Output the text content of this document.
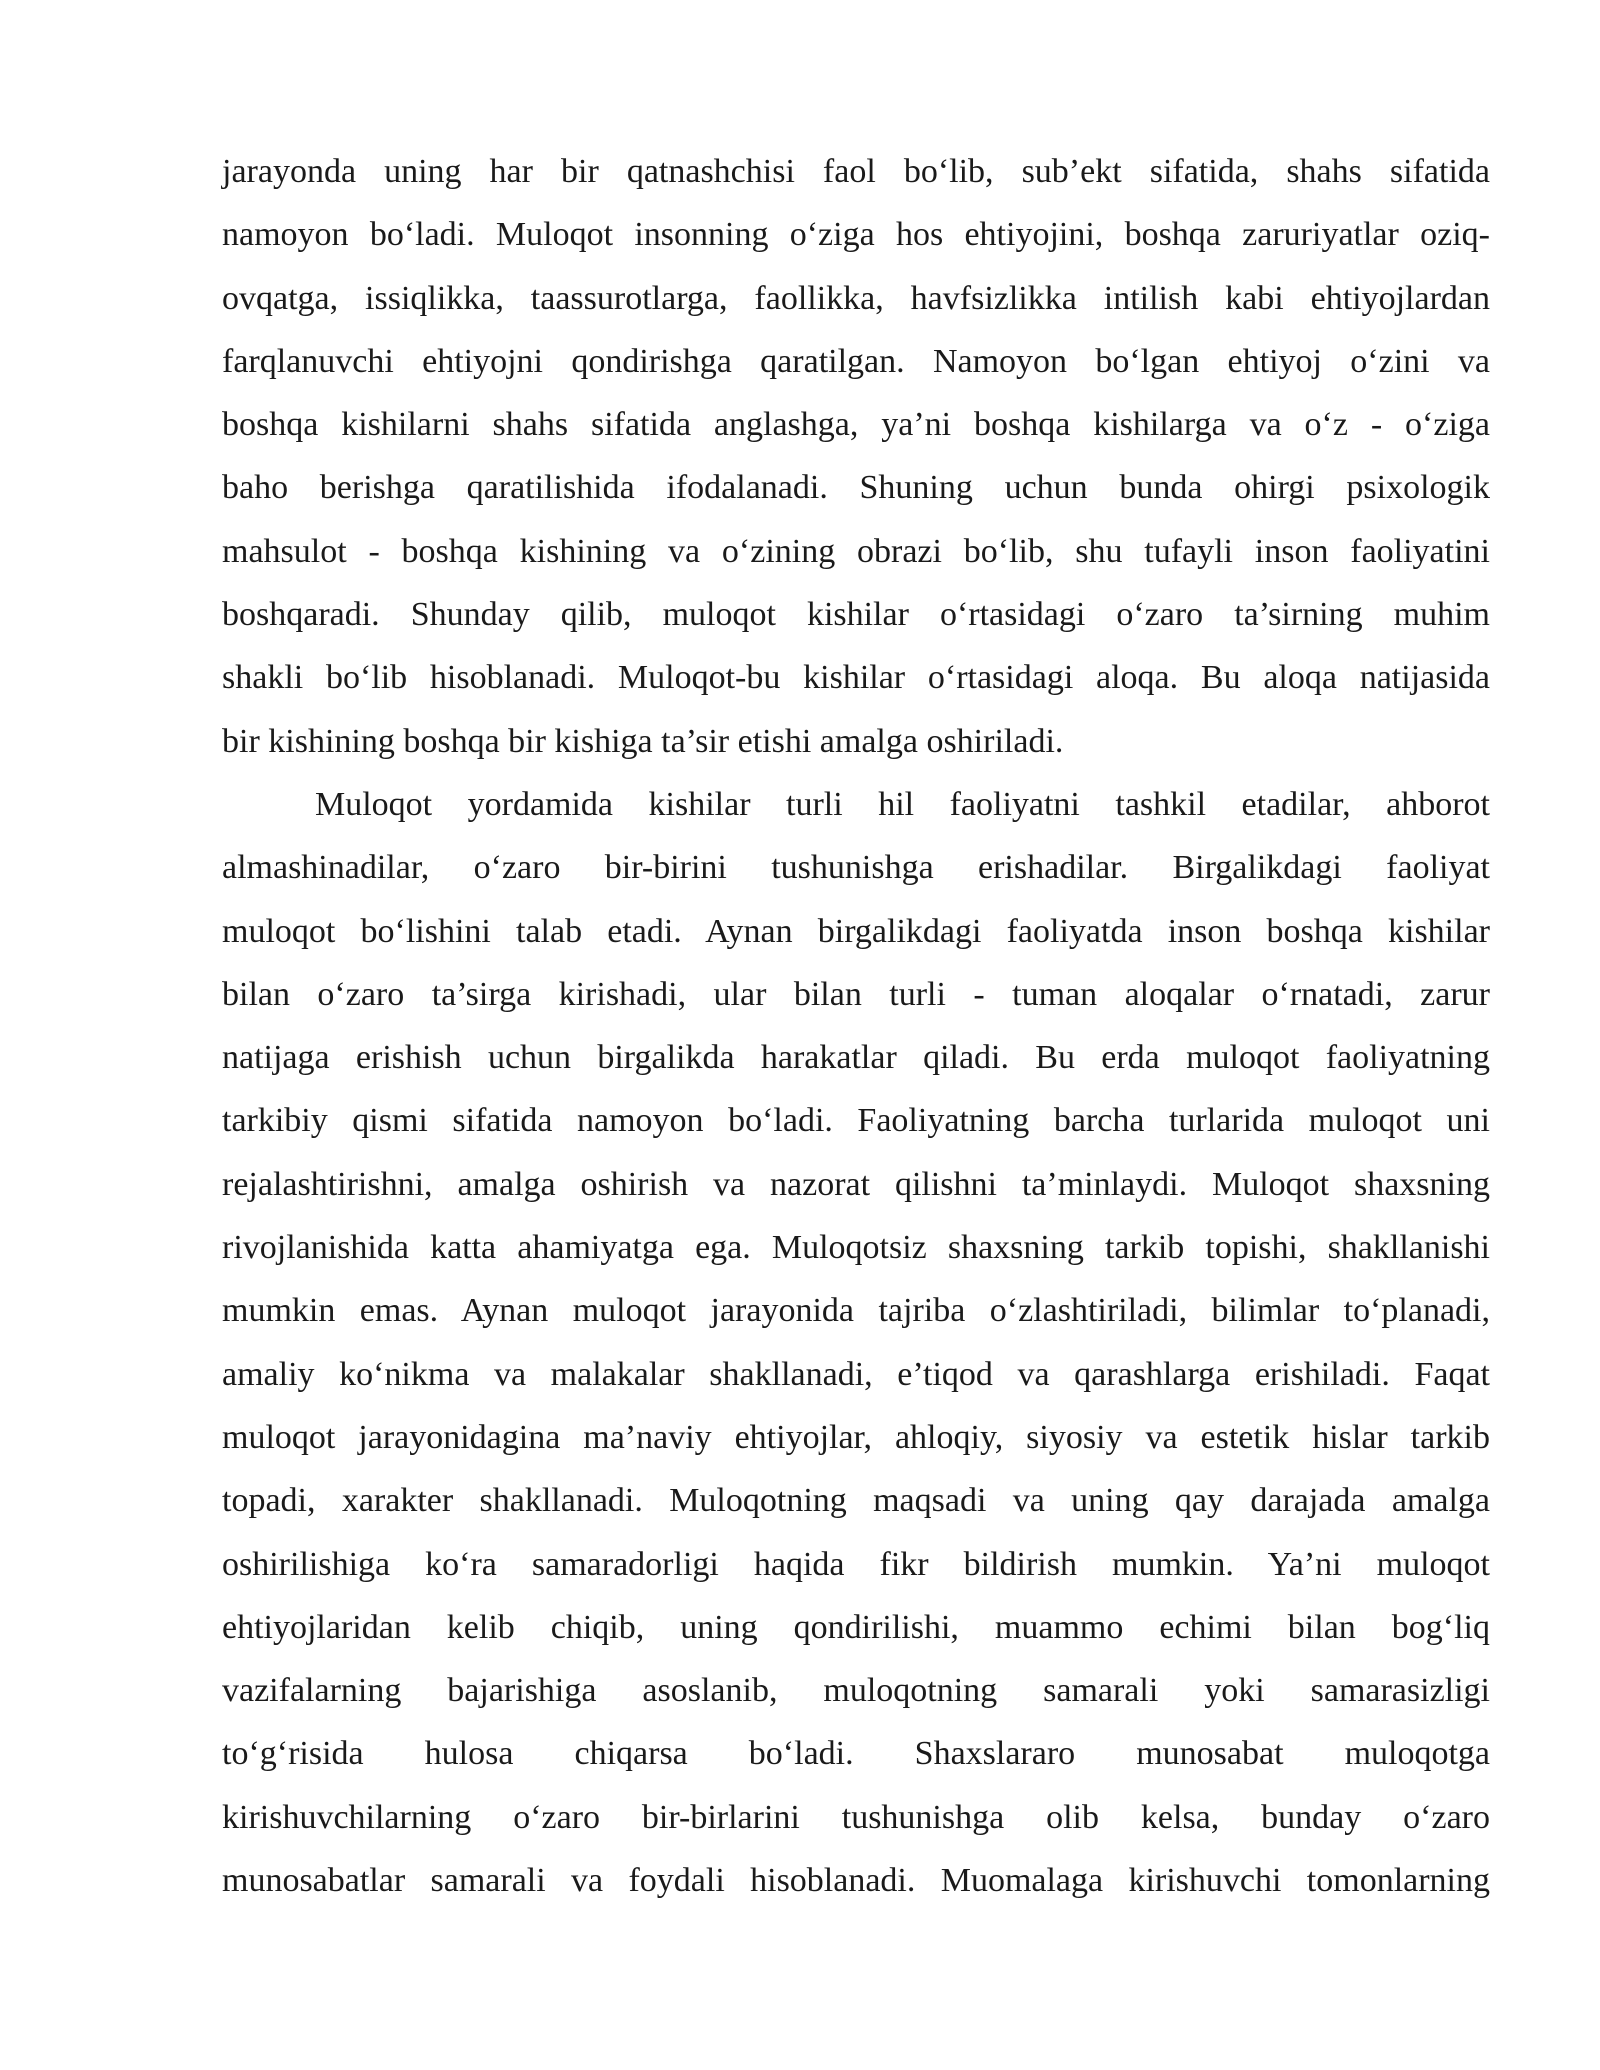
jarayonda uning har bir qatnashchisi faol bo‘lib, sub’ekt sifatida, shahs sifatida
namoyon bo‘ladi. Muloqot insonning o‘ziga hos ehtiyojini, boshqa zaruriyatlar oziq-
ovqatga, issiqlikka, taassurotlarga, faollikka, havfsizlikka intilish kabi ehtiyojlardan
farqlanuvchi ehtiyojni qondirishga qaratilgan. Namoyon bo‘lgan ehtiyoj o‘zini va
boshqa kishilarni shahs sifatida anglashga, ya’ni boshqa kishilarga va o‘z - o‘ziga
baho berishga qaratilishida ifodalanadi. Shuning uchun bunda ohirgi psixologik
mahsulot - boshqa kishining va o‘zining obrazi bo‘lib, shu tufayli inson faoliyatini
boshqaradi. Shunday qilib, muloqot kishilar o‘rtasidagi o‘zaro ta’sirning muhim
shakli bo‘lib hisoblanadi. Muloqot-bu kishilar o‘rtasidagi aloqa. Bu aloqa natijasida
bir kishining boshqa bir kishiga ta’sir etishi amalga oshiriladi.
Muloqot yordamida kishilar turli hil faoliyatni tashkil etadilar, ahborot
almashinadilar, o‘zaro bir-birini tushunishga erishadilar. Birgalikdagi faoliyat
muloqot bo‘lishini talab etadi. Aynan birgalikdagi faoliyatda inson boshqa kishilar
bilan o‘zaro ta’sirga kirishadi, ular bilan turli - tuman aloqalar o‘rnatadi, zarur
natijaga erishish uchun birgalikda harakatlar qiladi. Bu erda muloqot faoliyatning
tarkibiy qismi sifatida namoyon bo‘ladi. Faoliyatning barcha turlarida muloqot uni
rejalashtirishni, amalga oshirish va nazorat qilishni ta’minlaydi. Muloqot shaxsning
rivojlanishida katta ahamiyatga ega. Muloqotsiz shaxsning tarkib topishi, shakllanishi
mumkin emas. Aynan muloqot jarayonida tajriba o‘zlashtiriladi, bilimlar to‘planadi,
amaliy ko‘nikma va malakalar shakllanadi, e’tiqod va qarashlarga erishiladi. Faqat
muloqot jarayonidagina ma’naviy ehtiyojlar, ahloqiy, siyosiy va estetik hislar tarkib
topadi, xarakter shakllanadi. Muloqotning maqsadi va uning qay darajada amalga
oshirilishiga ko‘ra samaradorligi haqida fikr bildirish mumkin. Ya’ni muloqot
ehtiyojlaridan kelib chiqib, uning qondirilishi, muammo echimi bilan bog‘liq
vazifalarning bajarishiga asoslanib, muloqotning samarali yoki samarasizligi
to‘g‘risida hulosa chiqarsa bo‘ladi. Shaxslararo munosabat muloqotga
kirishuvchilarning o‘zaro bir-birlarini tushunishga olib kelsa, bunday o‘zaro
munosabatlar samarali va foydali hisoblanadi. Muomalaga kirishuvchi tomonlarning
